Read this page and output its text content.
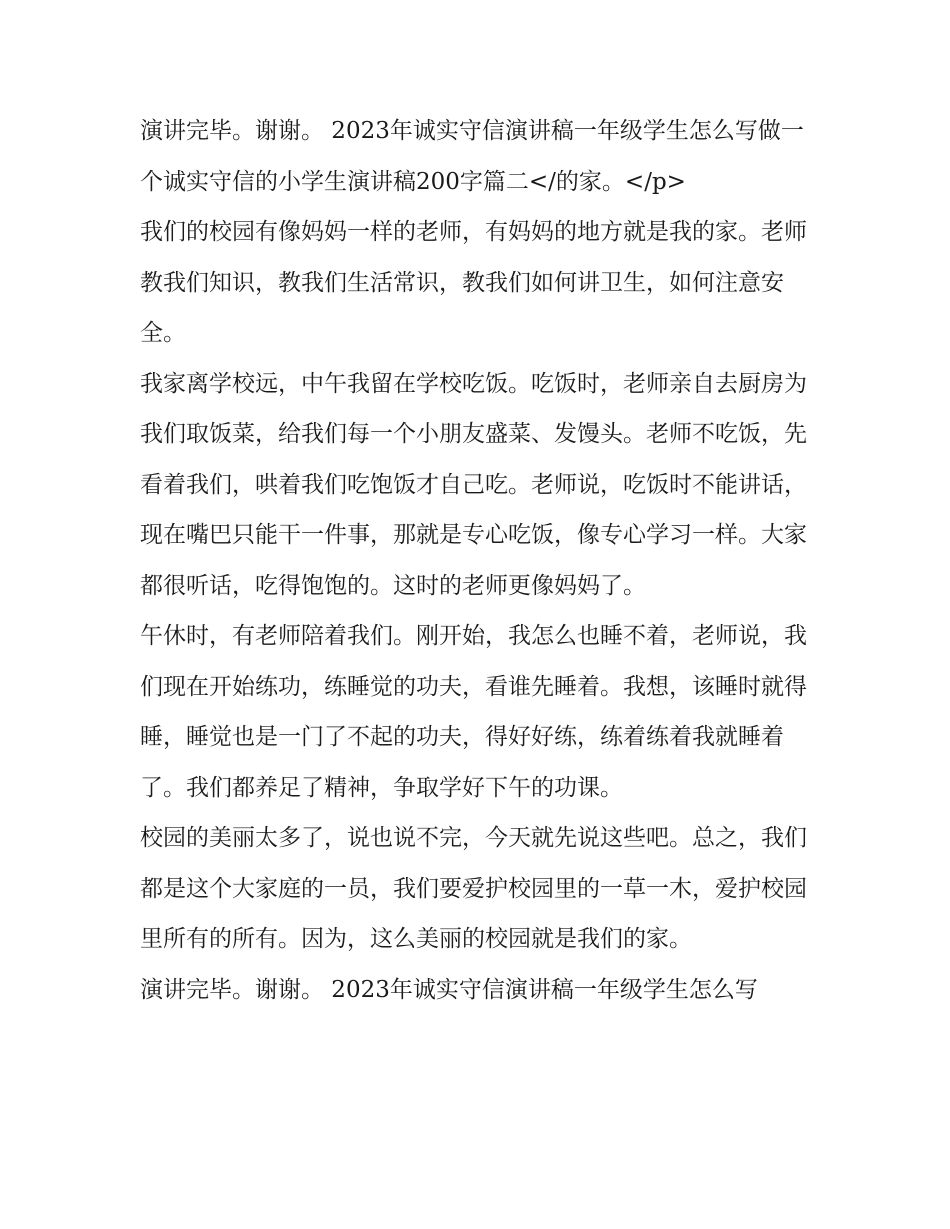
演讲完毕。谢谢。 2023年诚实守信演讲稿一年级学生怎么写做一个诚实守信的小学生演讲稿200字篇二</的家。</p>

我们的校园有像妈妈一样的老师，有妈妈的地方就是我的家。老师教我们知识，教我们生活常识，教我们如何讲卫生，如何注意安全。

我家离学校远，中午我留在学校吃饭。吃饭时，老师亲自去厨房为我们取饭菜，给我们每一个小朋友盛菜、发馒头。老师不吃饭，先看着我们，哄着我们吃饱饭才自己吃。老师说，吃饭时不能讲话，现在嘴巴只能干一件事，那就是专心吃饭，像专心学习一样。大家都很听话，吃得饱饱的。这时的老师更像妈妈了。

午休时，有老师陪着我们。刚开始，我怎么也睡不着，老师说，我们现在开始练功，练睡觉的功夫，看谁先睡着。我想，该睡时就得睡，睡觉也是一门了不起的功夫，得好好练，练着练着我就睡着了。我们都养足了精神，争取学好下午的功课。

校园的美丽太多了，说也说不完，今天就先说这些吧。总之，我们都是这个大家庭的一员，我们要爱护校园里的一草一木，爱护校园里所有的所有。因为，这么美丽的校园就是我们的家。

演讲完毕。谢谢。 2023年诚实守信演讲稿一年级学生怎么写
